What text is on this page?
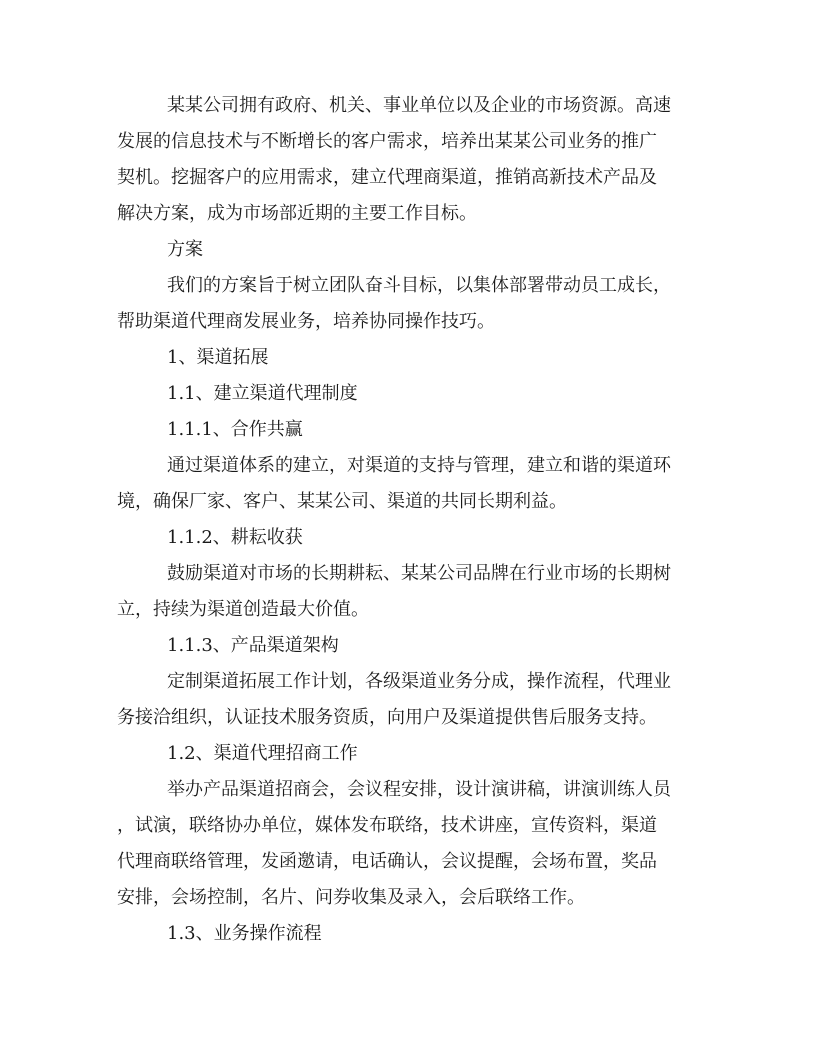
某某公司拥有政府、机关、事业单位以及企业的市场资源。高速
发展的信息技术与不断增长的客户需求，培养出某某公司业务的推广
契机。挖掘客户的应用需求，建立代理商渠道，推销高新技术产品及
解决方案，成为市场部近期的主要工作目标。
方案
我们的方案旨于树立团队奋斗目标，以集体部署带动员工成长，
帮助渠道代理商发展业务，培养协同操作技巧。
1、渠道拓展
1.1、建立渠道代理制度
1.1.1、合作共赢
通过渠道体系的建立，对渠道的支持与管理，建立和谐的渠道环
境，确保厂家、客户、某某公司、渠道的共同长期利益。
1.1.2、耕耘收获
鼓励渠道对市场的长期耕耘、某某公司品牌在行业市场的长期树
立，持续为渠道创造最大价值。
1.1.3、产品渠道架构
定制渠道拓展工作计划，各级渠道业务分成，操作流程，代理业
务接洽组织，认证技术服务资质，向用户及渠道提供售后服务支持。
1.2、渠道代理招商工作
举办产品渠道招商会，会议程安排，设计演讲稿，讲演训练人员
，试演，联络协办单位，媒体发布联络，技术讲座，宣传资料，渠道
代理商联络管理，发函邀请，电话确认，会议提醒，会场布置，奖品
安排，会场控制，名片、问券收集及录入，会后联络工作。
1.3、业务操作流程
